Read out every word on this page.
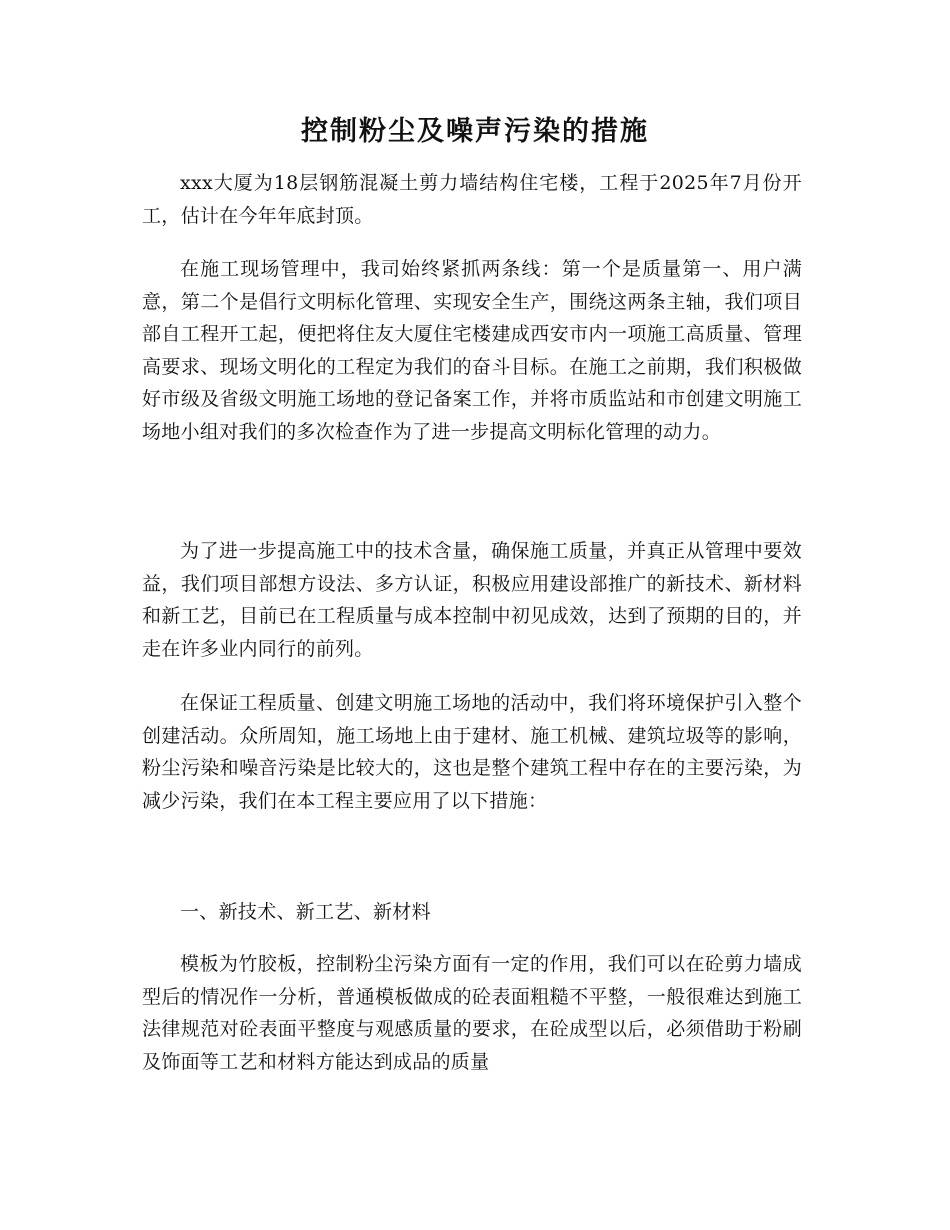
控制粉尘及噪声污染的措施

xxx大厦为18层钢筋混凝土剪力墙结构住宅楼，工程于2025年7月份开工，估计在今年年底封顶。

在施工现场管理中，我司始终紧抓两条线：第一个是质量第一、用户满意，第二个是倡行文明标化管理、实现安全生产，围绕这两条主轴，我们项目部自工程开工起，便把将住友大厦住宅楼建成西安市内一项施工高质量、管理高要求、现场文明化的工程定为我们的奋斗目标。在施工之前期，我们积极做好市级及省级文明施工场地的登记备案工作，并将市质监站和市创建文明施工场地小组对我们的多次检查作为了进一步提高文明标化管理的动力。

为了进一步提高施工中的技术含量，确保施工质量，并真正从管理中要效益，我们项目部想方设法、多方认证，积极应用建设部推广的新技术、新材料和新工艺，目前已在工程质量与成本控制中初见成效，达到了预期的目的，并走在许多业内同行的前列。

在保证工程质量、创建文明施工场地的活动中，我们将环境保护引入整个创建活动。众所周知，施工场地上由于建材、施工机械、建筑垃圾等的影响，粉尘污染和噪音污染是比较大的，这也是整个建筑工程中存在的主要污染，为减少污染，我们在本工程主要应用了以下措施：

一、新技术、新工艺、新材料

模板为竹胶板，控制粉尘污染方面有一定的作用，我们可以在砼剪力墙成型后的情况作一分析，普通模板做成的砼表面粗糙不平整，一般很难达到施工法律规范对砼表面平整度与观感质量的要求，在砼成型以后，必须借助于粉刷及饰面等工艺和材料方能达到成品的质量
